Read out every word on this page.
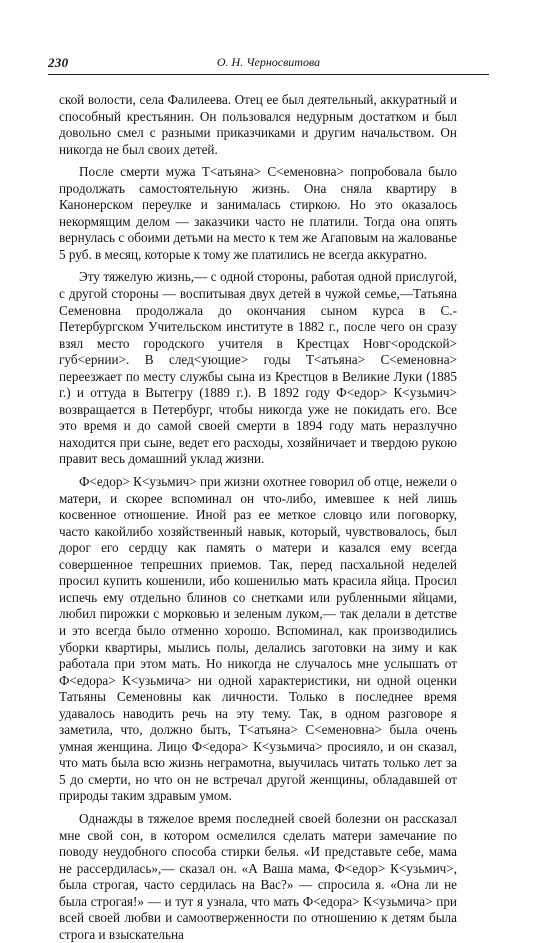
230	О. Н. Черносвитова

ской волости, села Фалилеева. Отец ее был деятельный, аккуратный и способный крестьянин. Он пользовался недурным достатком и был довольно смел с разными приказчиками и другим начальством. Он никогда не был своих детей.

После смерти мужа Т<атьяна> С<еменовна> попробовала было продолжать самостоятельную жизнь. Она сняла квартиру в Канонерском переулке и занималась стиркою. Но это оказалось некормящим делом — заказчики часто не платили. Тогда она опять вернулась с обоими детьми на место к тем же Агаповым на жалованье 5 руб. в месяц, которые к тому же платились не всегда аккуратно.

Эту тяжелую жизнь,— с одной стороны, работая одной прислугой, с другой стороны — воспитывая двух детей в чужой семье,—Татьяна Семеновна продолжала до окончания сыном курса в С.-Петербургском Учительском институте в 1882 г., после чего он сразу взял место городского учителя в Крестцах Новг<ородской> губ<ернии>. В след<ующие> годы Т<атьяна> С<еменовна> переезжает по месту службы сына из Крестцов в Великие Луки (1885 г.) и оттуда в Вытегру (1889 г.). В 1892 году Ф<едор> К<узьмич> возвращается в Петербург, чтобы никогда уже не покидать его. Все это время и до самой своей смерти в 1894 году мать неразлучно находится при сыне, ведет его расходы, хозяйничает и твердою рукою правит весь домашний уклад жизни.

Ф<едор> К<узьмич> при жизни охотнее говорил об отце, нежели о матери, и скорее вспоминал он что-либо, имевшее к ней лишь косвенное отношение. Иной раз ее меткое словцо или поговорку, часто какойлибо хозяйственный навык, который, чувствовалось, был дорог его сердцу как память о матери и казался ему всегда совершенное тепрешних приемов. Так, перед пасхальной неделей просил купить кошенили, ибо кошенилью мать красила яйца. Просил испечь ему отдельно блинов со снетками или рубленными яйцами, любил пирожки с морковью и зеленым луком,— так делали в детстве и это всегда было отменно хорошо. Вспоминал, как производились уборки квартиры, мылись полы, делались заготовки на зиму и как работала при этом мать. Но никогда не случалось мне услышать от Ф<едора> К<узьмича> ни одной характеристики, ни одной оценки Татьяны Семеновны как личности. Только в последнее время удавалось наводить речь на эту тему. Так, в одном разговоре я заметила, что, должно быть, Т<атьяна> С<еменовна> была очень умная женщина. Лицо Ф<едора> К<узьмича> просияло, и он сказал, что мать была всю жизнь неграмотна, выучилась читать только лет за 5 до смерти, но что он не встречал другой женщины, обладавшей от природы таким здравым умом.

Однажды в тяжелое время последней своей болезни он рассказал мне свой сон, в котором осмелился сделать матери замечание по поводу неудобного способа стирки белья. «И представьте себе, мама не рассердилась»,— сказал он. «А Ваша мама, Ф<едор> К<узьмич>, была строгая, часто сердилась на Вас?» — спросила я. «Она ли не была строгая!» — и тут я узнала, что мать Ф<едора> К<узьмича> при всей своей любви и самоотверженности по отношению к детям была строга и взыскательна
